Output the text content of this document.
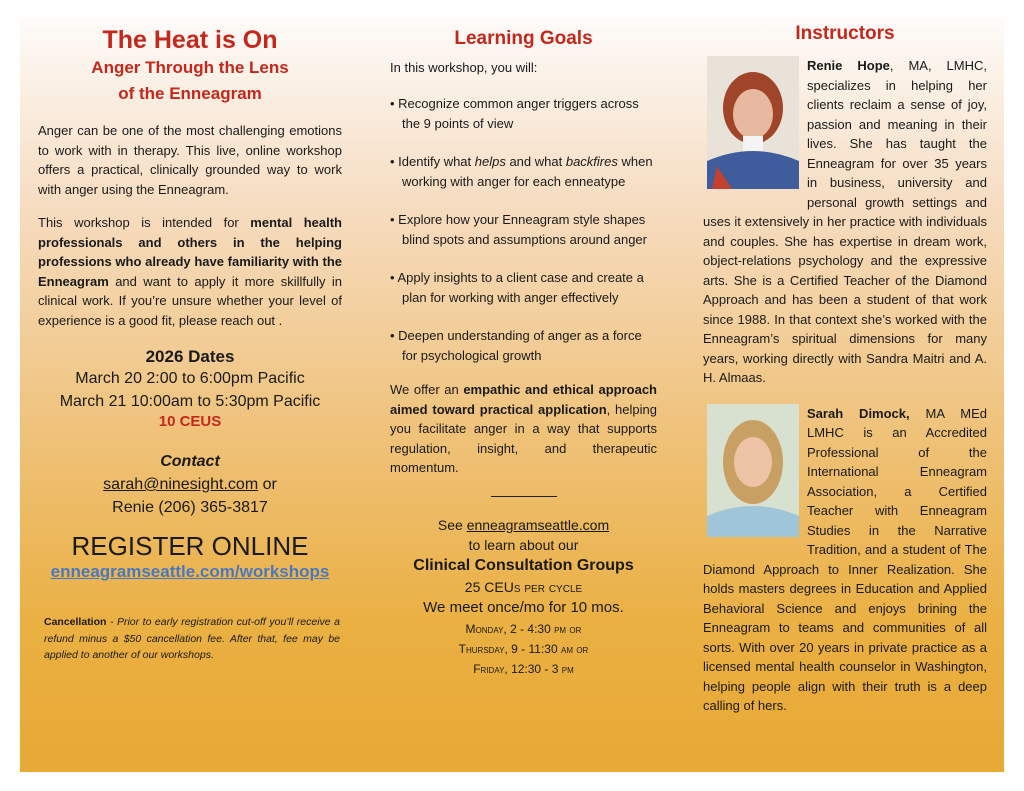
The Heat is On
Anger Through the Lens
of the Enneagram

Anger can be one of the most challenging emotions to work with in therapy. This live, online workshop offers a practical, clinically grounded way to work with anger using the Enneagram.

This workshop is intended for mental health professionals and others in the helping professions who already have familiarity with the Enneagram and want to apply it more skillfully in clinical work. If you’re unsure whether your level of experience is a good fit, please reach out .

2026 Dates
March 20 2:00 to 6:00pm Pacific
March 21 10:00am to 5:30pm Pacific
10 CEUS
Contact
sarah@ninesight.com or
Renie (206) 365-3817
REGISTER ONLINE
enneagramseattle.com/workshops

Cancellation - Prior to early registration cut-off you’ll receive a refund minus a $50 cancellation fee. After that, fee may be applied to another of our workshops.

Learning Goals

In this workshop, you will:

• Recognize common anger triggers across the 9 points of view
• Identify what helps and what backfires when working with anger for each enneatype
• Explore how your Enneagram style shapes blind spots and assumptions around anger
• Apply insights to a client case and create a plan for working with anger effectively
• Deepen understanding of anger as a force for psychological growth

We offer an empathic and ethical approach aimed toward practical application, helping you facilitate anger in a way that supports regulation, insight, and therapeutic momentum.

See enneagramseattle.com
to learn about our
Clinical Consultation Groups
25 CEUs per cycle
We meet once/mo for 10 mos.
Monday, 2 - 4:30 pm or
Thursday, 9 - 11:30 am or
Friday, 12:30 - 3 pm
Instructors
Renie Hope, MA, LMHC, specializes in helping her clients reclaim a sense of joy, passion and meaning in their lives. She has taught the Enneagram for over 35 years in business, university and personal growth settings and uses it extensively in her practice with individuals and couples. She has expertise in dream work, object-relations psychology and the expressive arts. She is a Certified Teacher of the Diamond Approach and has been a student of that work since 1988. In that context she’s worked with the Enneagram’s spiritual dimensions for many years, working directly with Sandra Maitri and A. H. Almaas.
Sarah Dimock, MA MEd LMHC is an Accredited Professional of the International Enneagram Association, a Certified Teacher with Enneagram Studies in the Narrative Tradition, and a student of The Diamond Approach to Inner Realization. She holds masters degrees in Education and Applied Behavioral Science and enjoys brining the Enneagram to teams and communities of all sorts. With over 20 years in private practice as a licensed mental health counselor in Washington, helping people align with their truth is a deep calling of hers.
